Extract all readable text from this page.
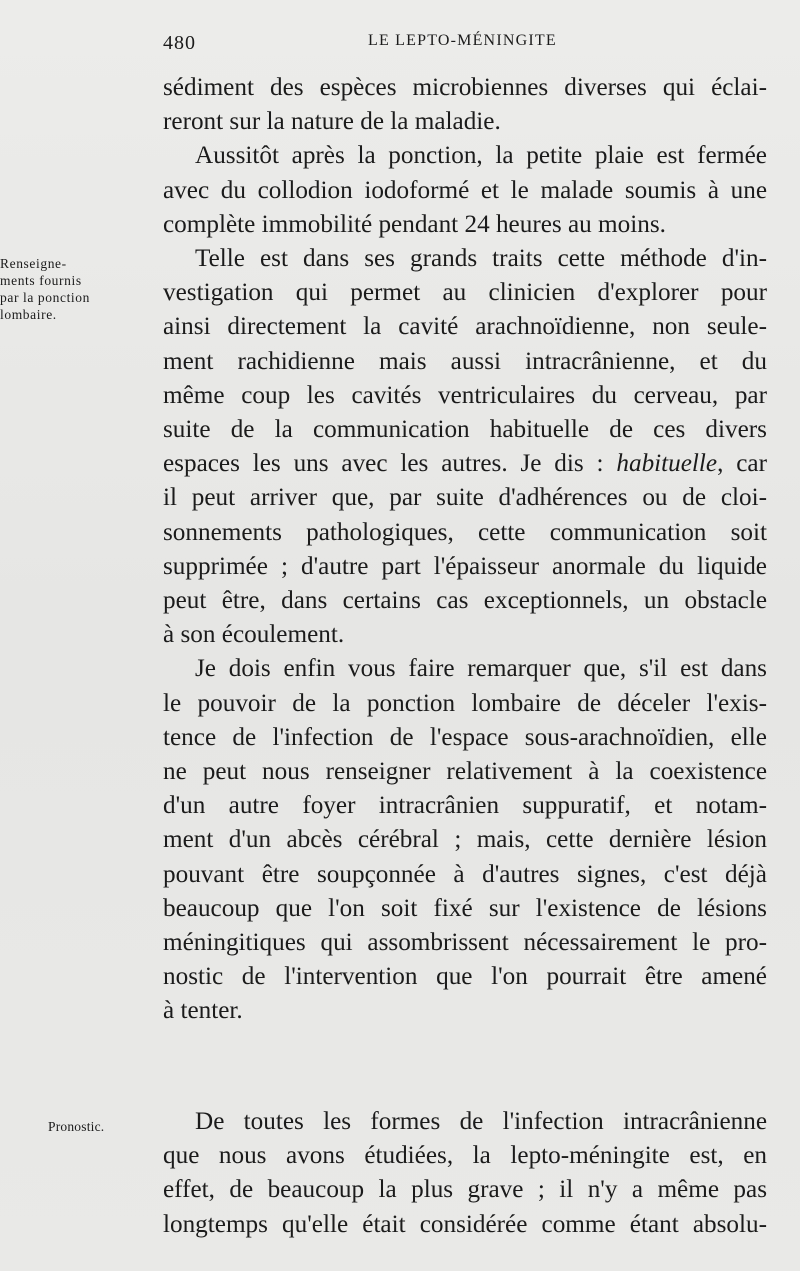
480	LE LEPTO-MÉNINGITE
Renseigne-
ments fournis
par la ponction
lombaire.
Pronostic.
sédiment des espèces microbiennes diverses qui éclai-
reront sur la nature de la maladie.
Aussitôt après la ponction, la petite plaie est fermée
avec du collodion iodoformé et le malade soumis à une
complète immobilité pendant 24 heures au moins.
Telle est dans ses grands traits cette méthode d'in-
vestigation qui permet au clinicien d'explorer pour
ainsi directement la cavité arachnoïdienne, non seule-
ment rachidienne mais aussi intracrânienne, et du
même coup les cavités ventriculaires du cerveau, par
suite de la communication habituelle de ces divers
espaces les uns avec les autres. Je dis : habituelle, car
il peut arriver que, par suite d'adhérences ou de cloi-
sonnements pathologiques, cette communication soit
supprimée ; d'autre part l'épaisseur anormale du liquide
peut être, dans certains cas exceptionnels, un obstacle
à son écoulement.
Je dois enfin vous faire remarquer que, s'il est dans
le pouvoir de la ponction lombaire de déceler l'exis-
tence de l'infection de l'espace sous-arachnoïdien, elle
ne peut nous renseigner relativement à la coexistence
d'un autre foyer intracrânien suppuratif, et notam-
ment d'un abcès cérébral ; mais, cette dernière lésion
pouvant être soupçonnée à d'autres signes, c'est déjà
beaucoup que l'on soit fixé sur l'existence de lésions
méningitiques qui assombrissent nécessairement le pro-
nostic de l'intervention que l'on pourrait être amené
à tenter.
De toutes les formes de l'infection intracrânienne
que nous avons étudiées, la lepto-méningite est, en
effet, de beaucoup la plus grave ; il n'y a même pas
longtemps qu'elle était considérée comme étant absolu-
